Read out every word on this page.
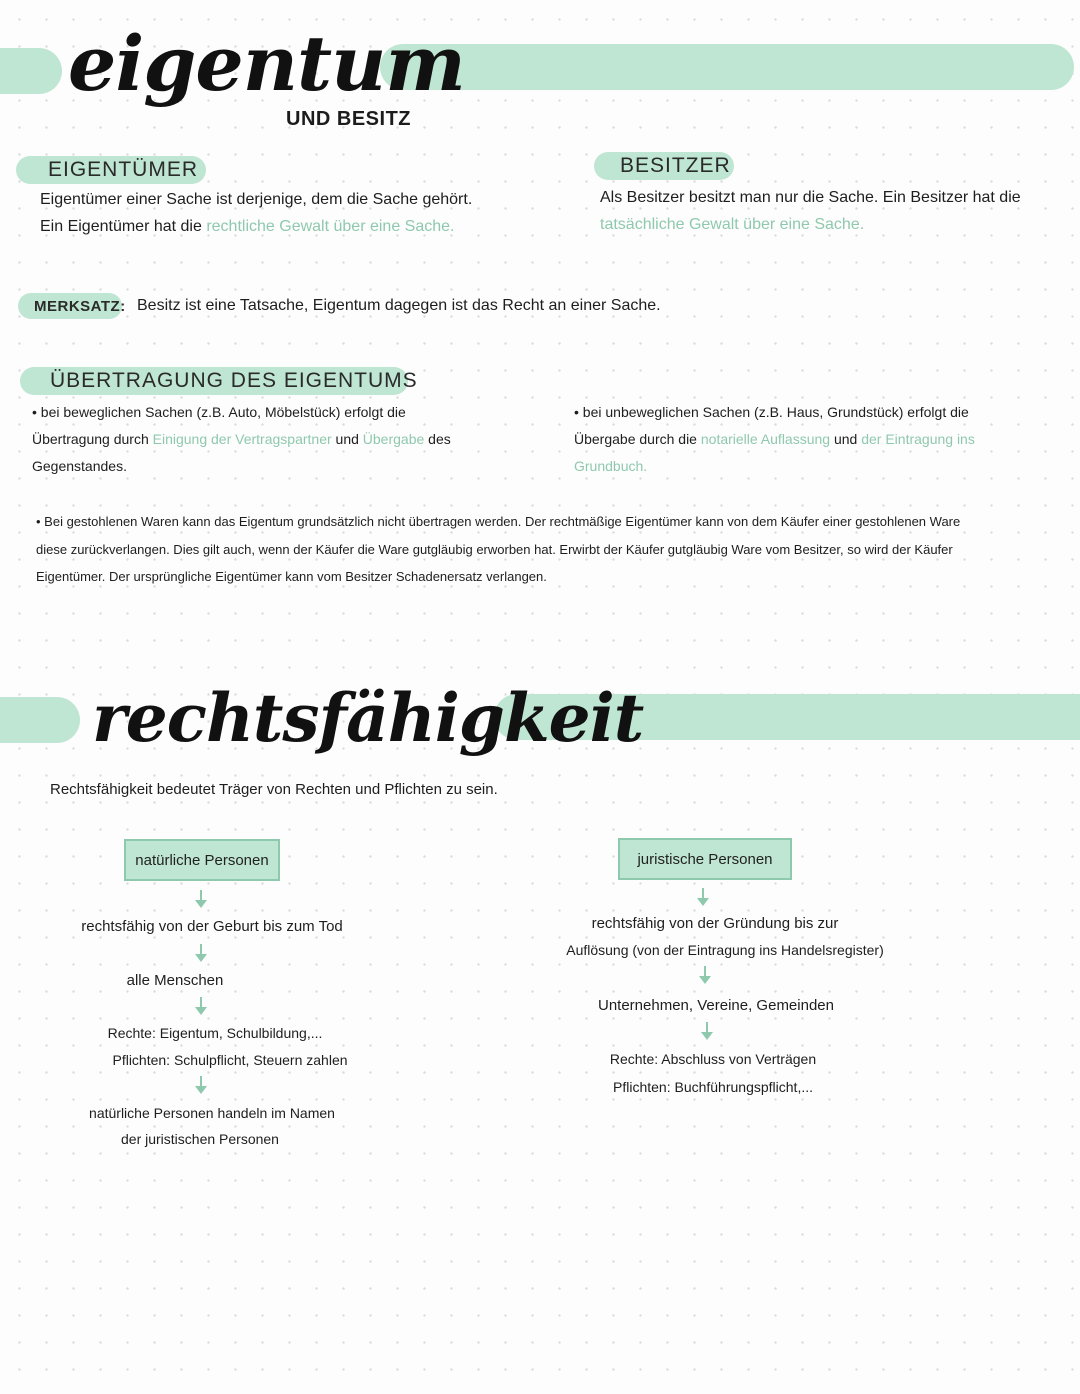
eigentum
UND BESITZ
EIGENTÜMER
Eigentümer einer Sache ist derjenige, dem die Sache gehört. Ein Eigentümer hat die rechtliche Gewalt über eine Sache.
BESITZER
Als Besitzer besitzt man nur die Sache. Ein Besitzer hat die tatsächliche Gewalt über eine Sache.
MERKSATZ: Besitz ist eine Tatsache, Eigentum dagegen ist das Recht an einer Sache.
ÜBERTRAGUNG DES EIGENTUMS
• bei beweglichen Sachen (z.B. Auto, Möbelstück) erfolgt die Übertragung durch Einigung der Vertragspartner und Übergabe des Gegenstandes.
• bei unbeweglichen Sachen (z.B. Haus, Grundstück) erfolgt die Übergabe durch die notarielle Auflassung und der Eintragung ins Grundbuch.
• Bei gestohlenen Waren kann das Eigentum grundsätzlich nicht übertragen werden. Der rechtmäßige Eigentümer kann von dem Käufer einer gestohlenen Ware diese zurückverlangen. Dies gilt auch, wenn der Käufer die Ware gutgläubig erworben hat. Erwirbt der Käufer gutgläubig Ware vom Besitzer, so wird der Käufer Eigentümer. Der ursprüngliche Eigentümer kann vom Besitzer Schadenersatz verlangen.
rechtsfähigkeit
Rechtsfähigkeit bedeutet Träger von Rechten und Pflichten zu sein.
natürliche Personen
rechtsfähig von der Geburt bis zum Tod
alle Menschen
Rechte: Eigentum, Schulbildung,...
Pflichten: Schulpflicht, Steuern zahlen
natürliche Personen handeln im Namen
der juristischen Personen
juristische Personen
rechtsfähig von der Gründung bis zur
Auflösung (von der Eintragung ins Handelsregister)
Unternehmen, Vereine, Gemeinden
Rechte: Abschluss von Verträgen
Pflichten: Buchführungspflicht,...
